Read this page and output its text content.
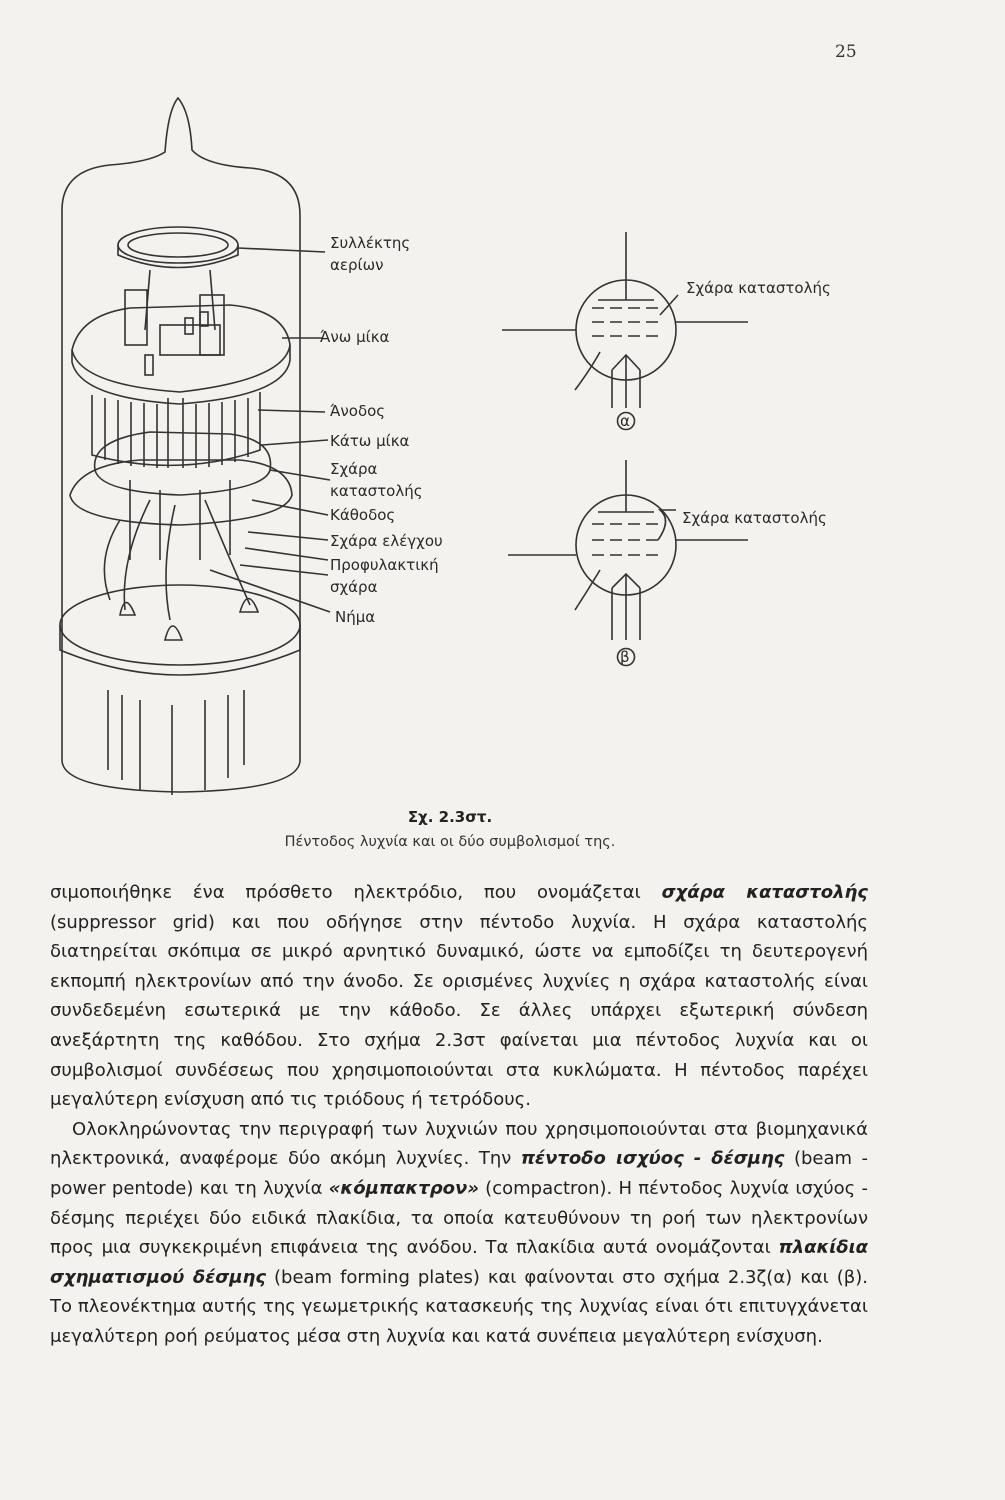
25
Συλλέκτης
αερίων
Άνω μίκα
Άνοδος
Κάτω μίκα
Σχάρα
καταστολής
Κάθοδος
Σχάρα ελέγχου
Προφυλακτική
σχάρα
Νήμα
Σχάρα καταστολής
α
Σχάρα καταστολής
β
Σχ. 2.3στ.
Πέντοδος λυχνία και οι δύο συμβολισμοί της.

σιμοποιήθηκε ένα πρόσθετο ηλεκτρόδιο, που ονομάζεται σχάρα καταστολής (suppressor grid) και που οδήγησε στην πέντοδο λυχνία. Η σχάρα καταστολής διατηρείται σκόπιμα σε μικρό αρνητικό δυναμικό, ώστε να εμποδίζει τη δευτερογενή εκπομπή ηλεκτρονίων από την άνοδο. Σε ορισμένες λυχνίες η σχάρα καταστολής είναι συνδεδεμένη εσωτερικά με την κάθοδο. Σε άλλες υπάρχει εξωτερική σύνδεση ανεξάρτητη της καθόδου. Στο σχήμα 2.3στ φαίνεται μια πέντοδος λυχνία και οι συμβολισμοί συνδέσεως που χρησιμοποιούνται στα κυκλώματα. Η πέντοδος παρέχει μεγαλύτερη ενίσχυση από τις τριόδους ή τετρόδους.

Ολοκληρώνοντας την περιγραφή των λυχνιών που χρησιμοποιούνται στα βιομηχανικά ηλεκτρονικά, αναφέρομε δύο ακόμη λυχνίες. Την πέντοδο ισχύος - δέσμης (beam - power pentode) και τη λυχνία «κόμπακτρον» (compactron). Η πέντοδος λυχνία ισχύος - δέσμης περιέχει δύο ειδικά πλακίδια, τα οποία κατευθύνουν τη ροή των ηλεκτρονίων προς μια συγκεκριμένη επιφάνεια της ανόδου. Τα πλακίδια αυτά ονομάζονται πλακίδια σχηματισμού δέσμης (beam forming plates) και φαίνονται στο σχήμα 2.3ζ(α) και (β). Το πλεονέκτημα αυτής της γεωμετρικής κατασκευής της λυχνίας είναι ότι επιτυγχάνεται μεγαλύτερη ροή ρεύματος μέσα στη λυχνία και κατά συνέπεια μεγαλύτερη ενίσχυση.
